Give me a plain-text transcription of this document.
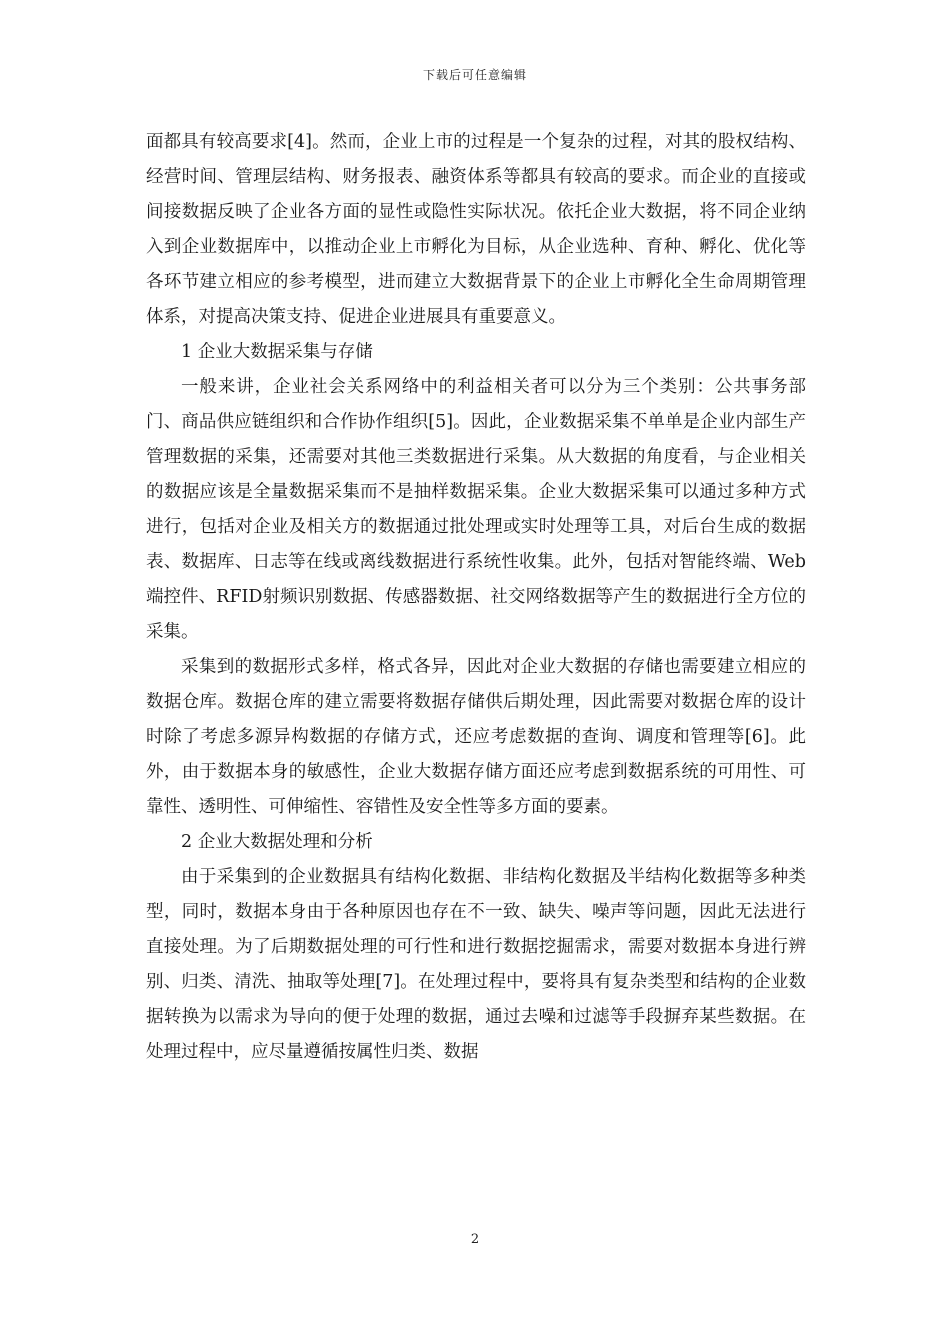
下载后可任意编辑

面都具有较高要求[4]。然而，企业上市的过程是一个复杂的过程，对其的股权结构、经营时间、管理层结构、财务报表、融资体系等都具有较高的要求。而企业的直接或间接数据反映了企业各方面的显性或隐性实际状况。依托企业大数据，将不同企业纳入到企业数据库中，以推动企业上市孵化为目标，从企业选种、育种、孵化、优化等各环节建立相应的参考模型，进而建立大数据背景下的企业上市孵化全生命周期管理体系，对提高决策支持、促进企业进展具有重要意义。

1 企业大数据采集与存储

一般来讲，企业社会关系网络中的利益相关者可以分为三个类别：公共事务部门、商品供应链组织和合作协作组织[5]。因此，企业数据采集不单单是企业内部生产管理数据的采集，还需要对其他三类数据进行采集。从大数据的角度看，与企业相关的数据应该是全量数据采集而不是抽样数据采集。企业大数据采集可以通过多种方式进行，包括对企业及相关方的数据通过批处理或实时处理等工具，对后台生成的数据表、数据库、日志等在线或离线数据进行系统性收集。此外，包括对智能终端、Web端控件、RFID射频识别数据、传感器数据、社交网络数据等产生的数据进行全方位的采集。

采集到的数据形式多样，格式各异，因此对企业大数据的存储也需要建立相应的数据仓库。数据仓库的建立需要将数据存储供后期处理，因此需要对数据仓库的设计时除了考虑多源异构数据的存储方式，还应考虑数据的查询、调度和管理等[6]。此外，由于数据本身的敏感性，企业大数据存储方面还应考虑到数据系统的可用性、可靠性、透明性、可伸缩性、容错性及安全性等多方面的要素。

2 企业大数据处理和分析

由于采集到的企业数据具有结构化数据、非结构化数据及半结构化数据等多种类型，同时，数据本身由于各种原因也存在不一致、缺失、噪声等问题，因此无法进行直接处理。为了后期数据处理的可行性和进行数据挖掘需求，需要对数据本身进行辨别、归类、清洗、抽取等处理[7]。在处理过程中，要将具有复杂类型和结构的企业数据转换为以需求为导向的便于处理的数据，通过去噪和过滤等手段摒弃某些数据。在处理过程中，应尽量遵循按属性归类、数据

2
